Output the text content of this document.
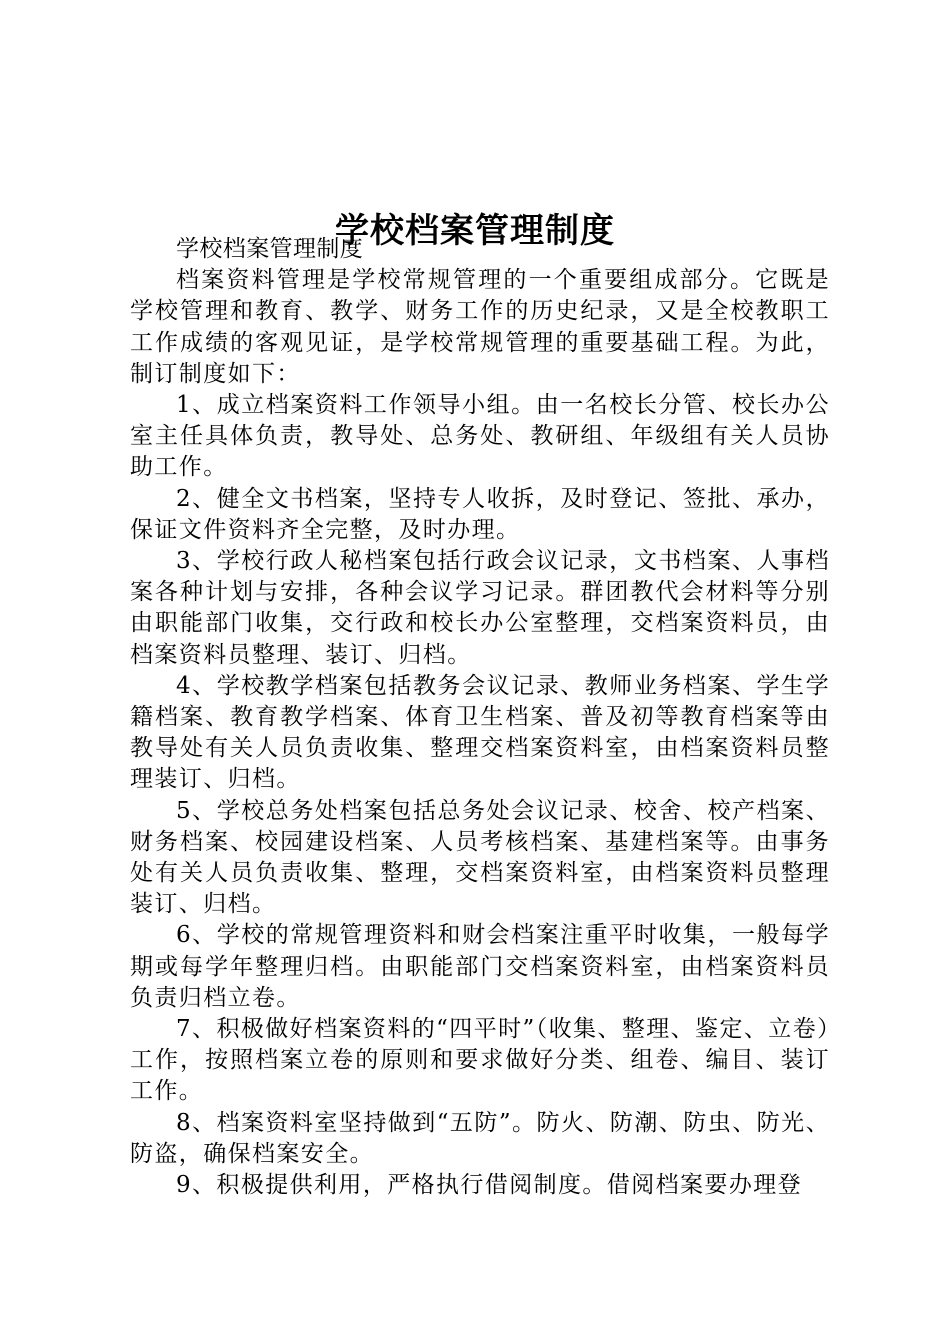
学校档案管理制度

学校档案管理制度

档案资料管理是学校常规管理的一个重要组成部分。它既是学校管理和教育、教学、财务工作的历史纪录，又是全校教职工工作成绩的客观见证，是学校常规管理的重要基础工程。为此，制订制度如下：

1、成立档案资料工作领导小组。由一名校长分管、校长办公室主任具体负责，教导处、总务处、教研组、年级组有关人员协助工作。

2、健全文书档案，坚持专人收拆，及时登记、签批、承办，保证文件资料齐全完整，及时办理。

3、学校行政人秘档案包括行政会议记录，文书档案、人事档案各种计划与安排，各种会议学习记录。群团教代会材料等分别由职能部门收集，交行政和校长办公室整理，交档案资料员，由档案资料员整理、装订、归档。

4、学校教学档案包括教务会议记录、教师业务档案、学生学籍档案、教育教学档案、体育卫生档案、普及初等教育档案等由教导处有关人员负责收集、整理交档案资料室，由档案资料员整理装订、归档。

5、学校总务处档案包括总务处会议记录、校舍、校产档案、财务档案、校园建设档案、人员考核档案、基建档案等。由事务处有关人员负责收集、整理，交档案资料室，由档案资料员整理装订、归档。

6、学校的常规管理资料和财会档案注重平时收集，一般每学期或每学年整理归档。由职能部门交档案资料室，由档案资料员负责归档立卷。

7、积极做好档案资料的“四平时”（收集、整理、鉴定、立卷）工作，按照档案立卷的原则和要求做好分类、组卷、编目、装订工作。

8、档案资料室坚持做到“五防”。防火、防潮、防虫、防光、防盗，确保档案安全。

9、积极提供利用，严格执行借阅制度。借阅档案要办理登
